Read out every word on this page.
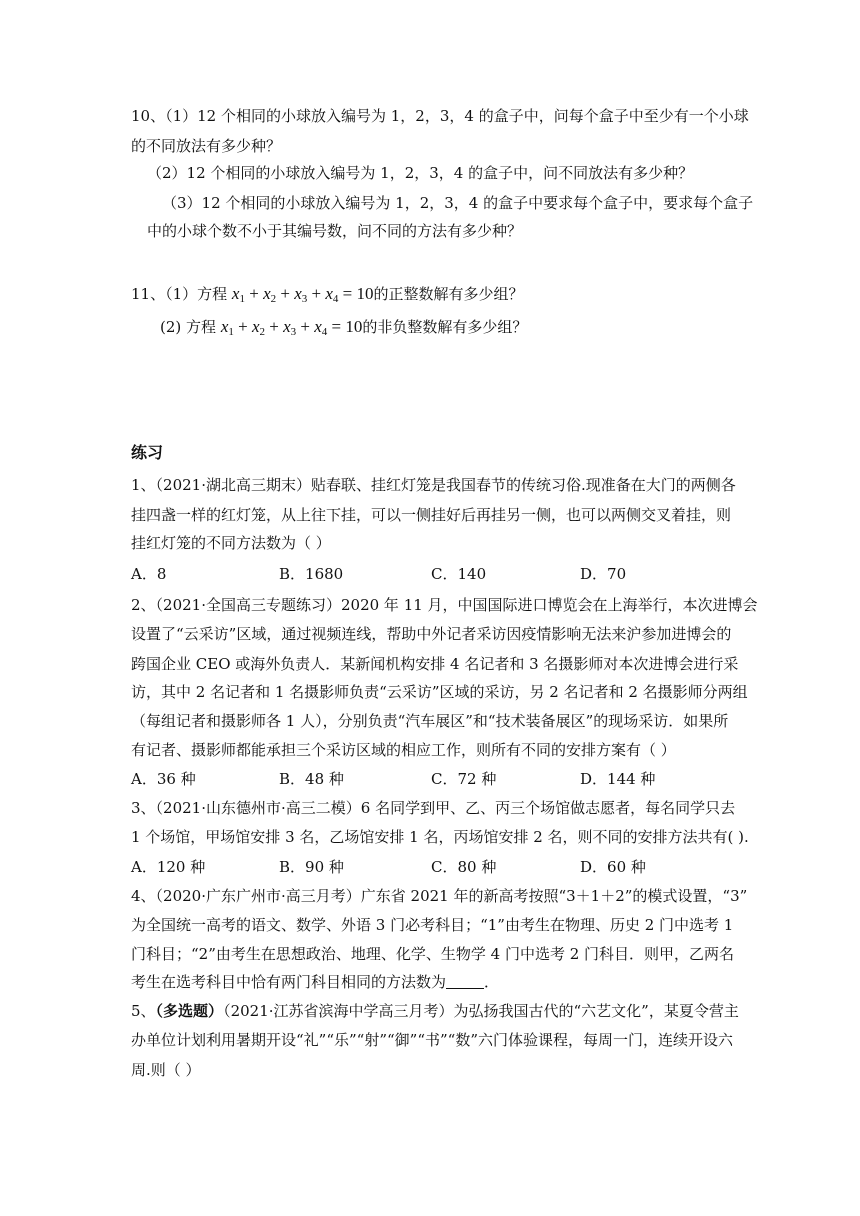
10、（1）12 个相同的小球放入编号为 1，2，3，4 的盒子中，问每个盒子中至少有一个小球
的不同放法有多少种？
（2）12 个相同的小球放入编号为 1，2，3，4 的盒子中，问不同放法有多少种？
（3）12 个相同的小球放入编号为 1，2，3，4 的盒子中要求每个盒子中，要求每个盒子
中的小球个数不小于其编号数，问不同的方法有多少种？
11、（1）方程 $x_1 + x_2 + x_3 + x_4 = 10$的正整数解有多少组？
(2) 方程 $x_1 + x_2 + x_3 + x_4 = 10$的非负整数解有多少组？
练习
1、（2021·湖北高三期末）贴春联、挂红灯笼是我国春节的传统习俗.现准备在大门的两侧各
挂四盏一样的红灯笼，从上往下挂，可以一侧挂好后再挂另一侧，也可以两侧交叉着挂，则
挂红灯笼的不同方法数为（ ）
A．8	B．1680	C．140	D．70
2、（2021·全国高三专题练习）2020 年 11 月，中国国际进口博览会在上海举行，本次进博会
设置了“云采访”区域，通过视频连线，帮助中外记者采访因疫情影响无法来沪参加进博会的
跨国企业 CEO 或海外负责人．某新闻机构安排 4 名记者和 3 名摄影师对本次进博会进行采
访，其中 2 名记者和 1 名摄影师负责“云采访”区域的采访，另 2 名记者和 2 名摄影师分两组
（每组记者和摄影师各 1 人），分别负责“汽车展区”和“技术装备展区”的现场采访．如果所
有记者、摄影师都能承担三个采访区域的相应工作，则所有不同的安排方案有（ ）
A．36 种	B．48 种	C．72 种	D．144 种
3、（2021·山东德州市·高三二模）6 名同学到甲、乙、丙三个场馆做志愿者，每名同学只去
1 个场馆，甲场馆安排 3 名，乙场馆安排 1 名，丙场馆安排 2 名，则不同的安排方法共有( ).
A．120 种	B．90 种	C．80 种	D．60 种
4、（2020·广东广州市·高三月考）广东省 2021 年的新高考按照“3＋1＋2”的模式设置，“3”
为全国统一高考的语文、数学、外语 3 门必考科目；“1”由考生在物理、历史 2 门中选考 1
门科目；“2”由考生在思想政治、地理、化学、生物学 4 门中选考 2 门科目．则甲，乙两名
考生在选考科目中恰有两门科目相同的方法数为	．
5、（多选题）（2021·江苏省滨海中学高三月考）为弘扬我国古代的“六艺文化”，某夏令营主
办单位计划利用暑期开设“礼”“乐”“射”“御”“书”“数”六门体验课程，每周一门，连续开设六
周.则（ ）
